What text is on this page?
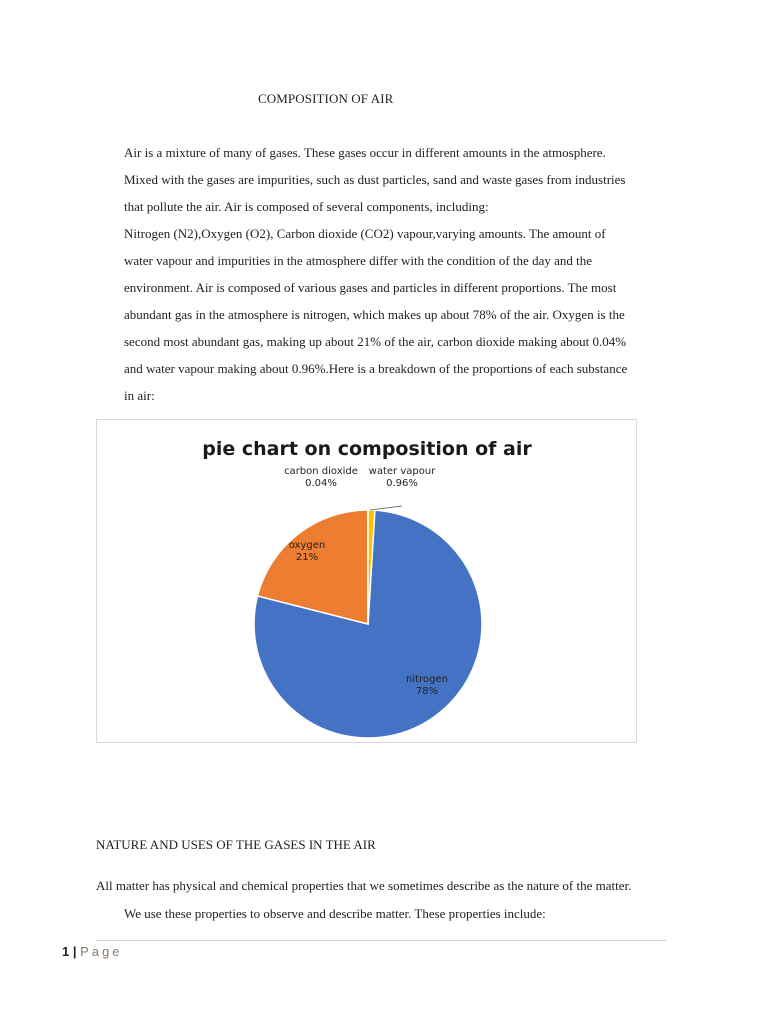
COMPOSITION OF AIR

Air is a mixture of many of gases. These gases occur in different amounts in the atmosphere.

Mixed with the gases are impurities, such as dust particles, sand and waste gases from industries

that pollute the air. Air is composed of several components, including:

Nitrogen (N2),Oxygen (O2), Carbon dioxide (CO2) vapour,varying amounts. The amount of

water vapour and impurities in the atmosphere differ with the condition of the day and the

environment. Air is composed of various gases and particles in different proportions. The most

abundant gas in the atmosphere is nitrogen, which makes up about 78% of the air. Oxygen is the

second most abundant gas, making up about 21% of the air, carbon dioxide making about 0.04%

and water vapour making about 0.96%.Here is a breakdown of the proportions of each substance

in air:

pie chart on composition of air
nitrogen
78%
oxygen
21%
carbon dioxide
0.04%
water vapour
0.96%
NATURE AND USES OF THE GASES IN THE AIR

All matter has physical and chemical properties that we sometimes describe as the nature of the matter.

We use these properties to observe and describe matter. These properties include:

1 | Page
